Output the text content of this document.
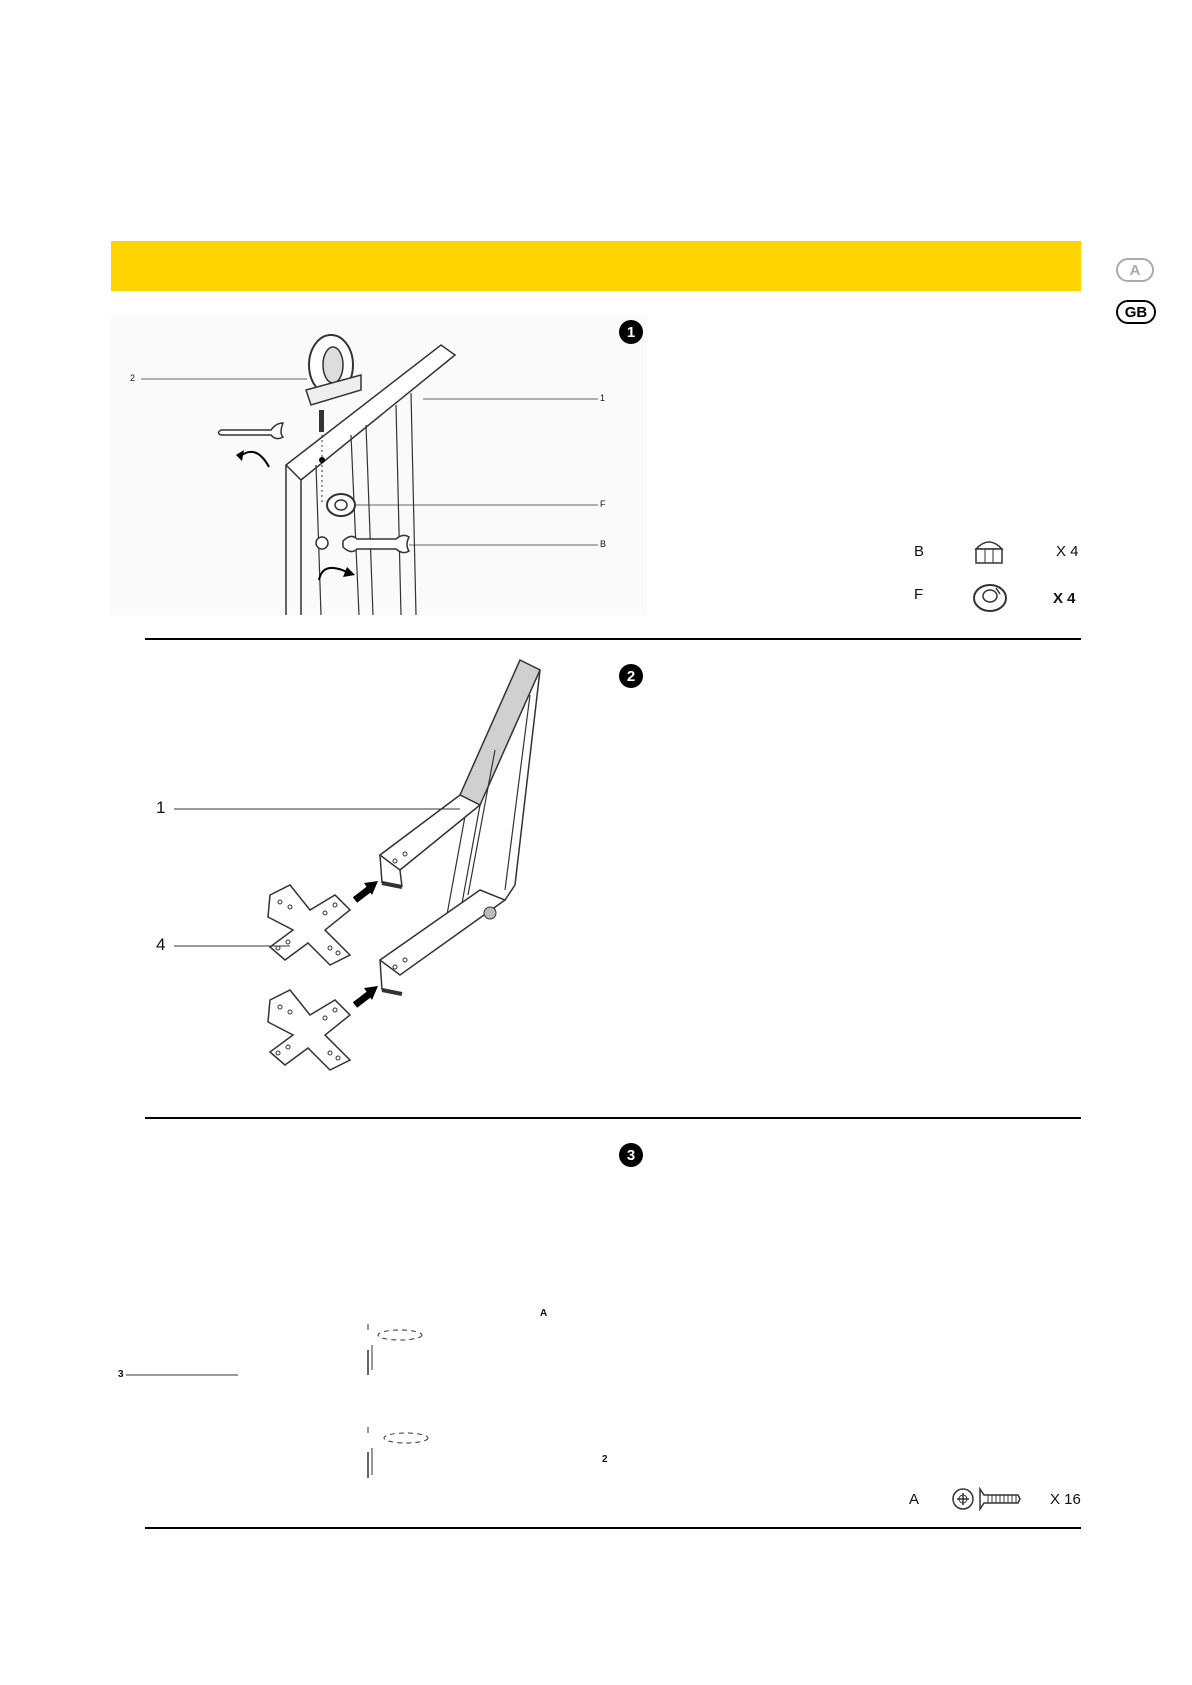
A
GB
2
1
F
B
1
B	X 4
F	X 4
1
4
2
3
A
3
2
A	X 16
